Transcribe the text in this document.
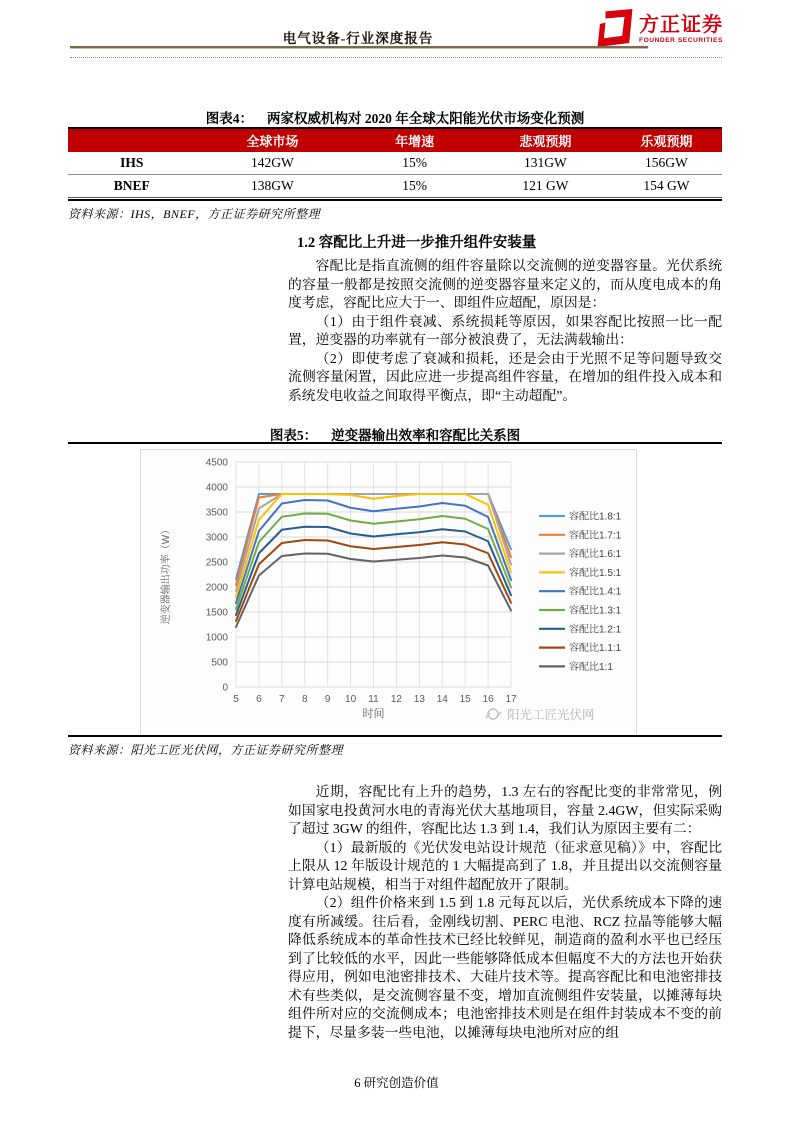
电气设备-行业深度报告
方正证券
FOUNDER SECURITIES
图表4： 两家权威机构对 2020 年全球太阳能光伏市场变化预测
	全球市场	年增速	悲观预期	乐观预期
IHS	142GW	15%	131GW	156GW
BNEF	138GW	15%	121 GW	154 GW
资料来源：IHS，BNEF，方正证券研究所整理
1.2 容配比上升进一步推升组件安装量
容配比是指直流侧的组件容量除以交流侧的逆变器容量。光伏系统的容量一般都是按照交流侧的逆变器容量来定义的，而从度电成本的角度考虑，容配比应大于一、即组件应超配，原因是：
（1）由于组件衰减、系统损耗等原因，如果容配比按照一比一配置，逆变器的功率就有一部分被浪费了，无法满载输出：
（2）即使考虑了衰减和损耗，还是会由于光照不足等问题导致交流侧容量闲置，因此应进一步提高组件容量，在增加的组件投入成本和系统发电收益之间取得平衡点，即“主动超配”。
图表5： 逆变器输出效率和容配比关系图
0
500
1000
1500
2000
2500
3000
3500
4000
4500
5 6 7 8 9 10 11 12 13 14 15 16 17
时间
逆变器输出功率（W）
容配比1.8:1
容配比1.7:1
容配比1.6:1
容配比1.5:1
容配比1.4:1
容配比1.3:1
容配比1.2:1
容配比1.1:1
容配比1:1
阳光工匠光伏网
资料来源：阳光工匠光伏网，方正证券研究所整理
近期，容配比有上升的趋势，1.3 左右的容配比变的非常常见，例如国家电投黄河水电的青海光伏大基地项目，容量 2.4GW，但实际采购了超过 3GW 的组件，容配比达 1.3 到 1.4，我们认为原因主要有二：
（1）最新版的《光伏发电站设计规范（征求意见稿）》中，容配比上限从 12 年版设计规范的 1 大幅提高到了 1.8，并且提出以交流侧容量计算电站规模，相当于对组件超配放开了限制。
（2）组件价格来到 1.5 到 1.8 元每瓦以后，光伏系统成本下降的速度有所减缓。往后看，金刚线切割、PERC 电池、RCZ 拉晶等能够大幅降低系统成本的革命性技术已经比较鲜见，制造商的盈利水平也已经压到了比较低的水平，因此一些能够降低成本但幅度不大的方法也开始获得应用，例如电池密排技术、大硅片技术等。提高容配比和电池密排技术有些类似，是交流侧容量不变，增加直流侧组件安装量，以摊薄每块组件所对应的交流侧成本；电池密排技术则是在组件封装成本不变的前提下，尽量多装一些电池，以摊薄每块电池所对应的组
6 研究创造价值
